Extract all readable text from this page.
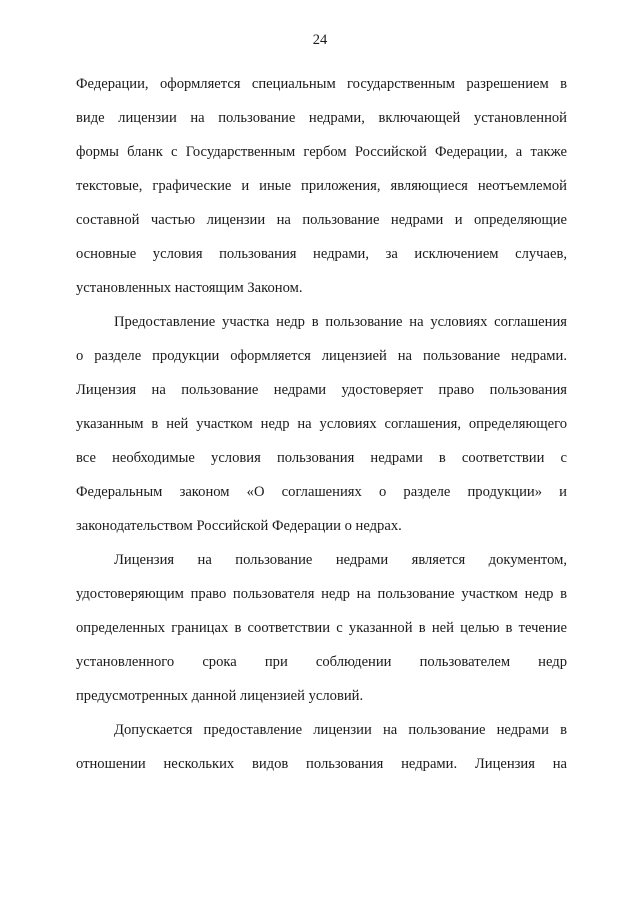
24
Федерации, оформляется специальным государственным разрешением в
виде лицензии на пользование недрами, включающей установленной
формы бланк с Государственным гербом Российской Федерации, а также
текстовые, графические и иные приложения, являющиеся неотъемлемой
составной частью лицензии на пользование недрами и определяющие
основные условия пользования недрами, за исключением случаев,
установленных настоящим Законом.
Предоставление участка недр в пользование на условиях соглашения
о разделе продукции оформляется лицензией на пользование недрами.
Лицензия на пользование недрами удостоверяет право пользования
указанным в ней участком недр на условиях соглашения, определяющего
все необходимые условия пользования недрами в соответствии с
Федеральным законом «О соглашениях о разделе продукции» и
законодательством Российской Федерации о недрах.
Лицензия на пользование недрами является документом,
удостоверяющим право пользователя недр на пользование участком недр в
определенных границах в соответствии с указанной в ней целью в течение
установленного срока при соблюдении пользователем недр
предусмотренных данной лицензией условий.
Допускается предоставление лицензии на пользование недрами в
отношении нескольких видов пользования недрами. Лицензия на
